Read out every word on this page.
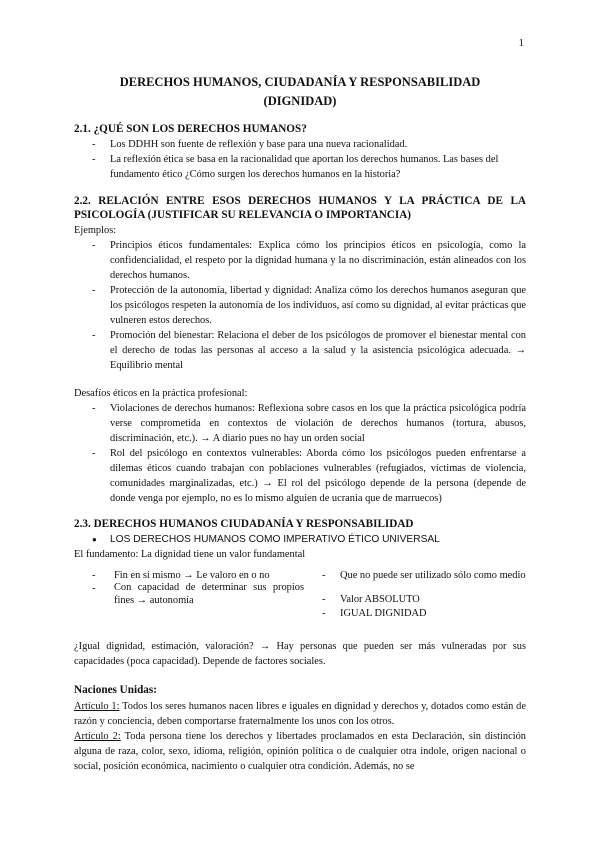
1
DERECHOS HUMANOS, CIUDADANÍA Y RESPONSABILIDAD
(DIGNIDAD)
2.1. ¿QUÉ SON LOS DERECHOS HUMANOS?
- Los DDHH son fuente de reflexión y base para una nueva racionalidad.
- La reflexión ética se basa en la racionalidad que aportan los derechos humanos. Las bases del fundamento ético ¿Cómo surgen los derechos humanos en la historia?
2.2. RELACIÓN ENTRE ESOS DERECHOS HUMANOS Y LA PRÁCTICA DE LA
PSICOLOGÍA (JUSTIFICAR SU RELEVANCIA O IMPORTANCIA)
Ejemplos:
- Principios éticos fundamentales: Explica cómo los principios éticos en psicología, como la confidencialidad, el respeto por la dignidad humana y la no discriminación, están alineados con los derechos humanos.
- Protección de la autonomía, libertad y dignidad: Analiza cómo los derechos humanos aseguran que los psicólogos respeten la autonomía de los individuos, así como su dignidad, al evitar prácticas que vulneren estos derechos.
- Promoción del bienestar: Relaciona el deber de los psicólogos de promover el bienestar mental con el derecho de todas las personas al acceso a la salud y la asistencia psicológica adecuada. → Equilibrio mental
Desafíos éticos en la práctica profesional:
- Violaciones de derechos humanos: Reflexiona sobre casos en los que la práctica psicológica podría verse comprometida en contextos de violación de derechos humanos (tortura, abusos, discriminación, etc.). → A diario pues no hay un orden social
- Rol del psicólogo en contextos vulnerables: Aborda cómo los psicólogos pueden enfrentarse a dilemas éticos cuando trabajan con poblaciones vulnerables (refugiados, víctimas de violencia, comunidades marginalizadas, etc.) → El rol del psicólogo depende de la persona (depende de donde venga por ejemplo, no es lo mismo alguien de ucrania que de marruecos)
2.3. DERECHOS HUMANOS CIUDADANÍA Y RESPONSABILIDAD
● LOS DERECHOS HUMANOS COMO IMPERATIVO ÉTICO UNIVERSAL
El fundamento: La dignidad tiene un valor fundamental
- Fin en sí mismo → Le valoro en o no
- Con capacidad de determinar sus propios fines → autonomía
- Que no puede ser utilizado sólo como medio
- Valor ABSOLUTO
- IGUAL DIGNIDAD
¿Igual dignidad, estimación, valoración? → Hay personas que pueden ser más vulneradas por sus capacidades (poca capacidad). Depende de factores sociales.
Naciones Unidas:
Artículo 1: Todos los seres humanos nacen libres e iguales en dignidad y derechos y, dotados como están de razón y conciencia, deben comportarse fraternalmente los unos con los otros.
Artículo 2: Toda persona tiene los derechos y libertades proclamados en esta Declaración, sin distinción alguna de raza, color, sexo, idioma, religión, opinión política o de cualquier otra índole, origen nacional o social, posición económica, nacimiento o cualquier otra condición. Además, no se
